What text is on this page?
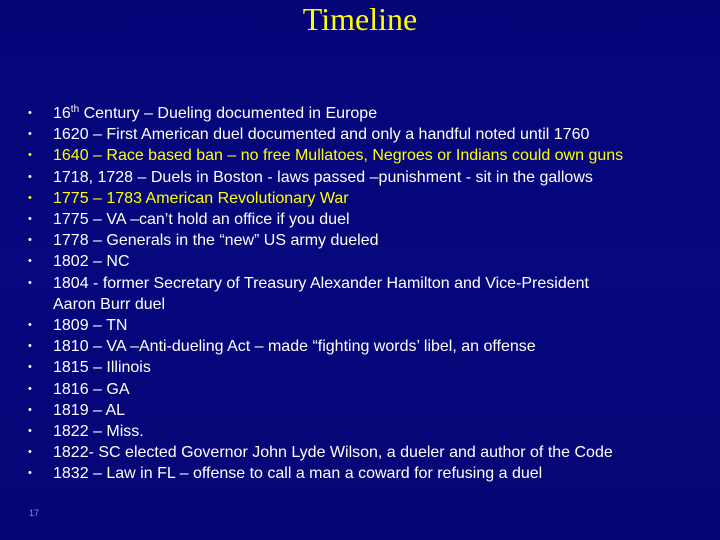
Timeline
•	16th Century – Dueling documented in Europe
•	1620 – First American duel documented and only a handful noted until 1760
•	1640 – Race based ban – no free Mullatoes, Negroes or Indians could own guns
•	1718, 1728 – Duels in Boston - laws passed –punishment - sit in the gallows
•	1775 – 1783 American Revolutionary War
•	1775 – VA –can’t hold an office if you duel
•	1778 – Generals in the “new” US army dueled
•	1802 – NC
•	1804 - former Secretary of Treasury Alexander Hamilton and Vice-President
Aaron Burr duel
•	1809 – TN
•	1810 – VA –Anti-dueling Act – made “fighting words’ libel, an offense
•	1815 – Illinois
•	1816 – GA
•	1819 – AL
•	1822 – Miss.
•	1822- SC elected Governor John Lyde Wilson, a dueler and author of the Code
•	1832 – Law in FL – offense to call a man a coward for refusing a duel
17
